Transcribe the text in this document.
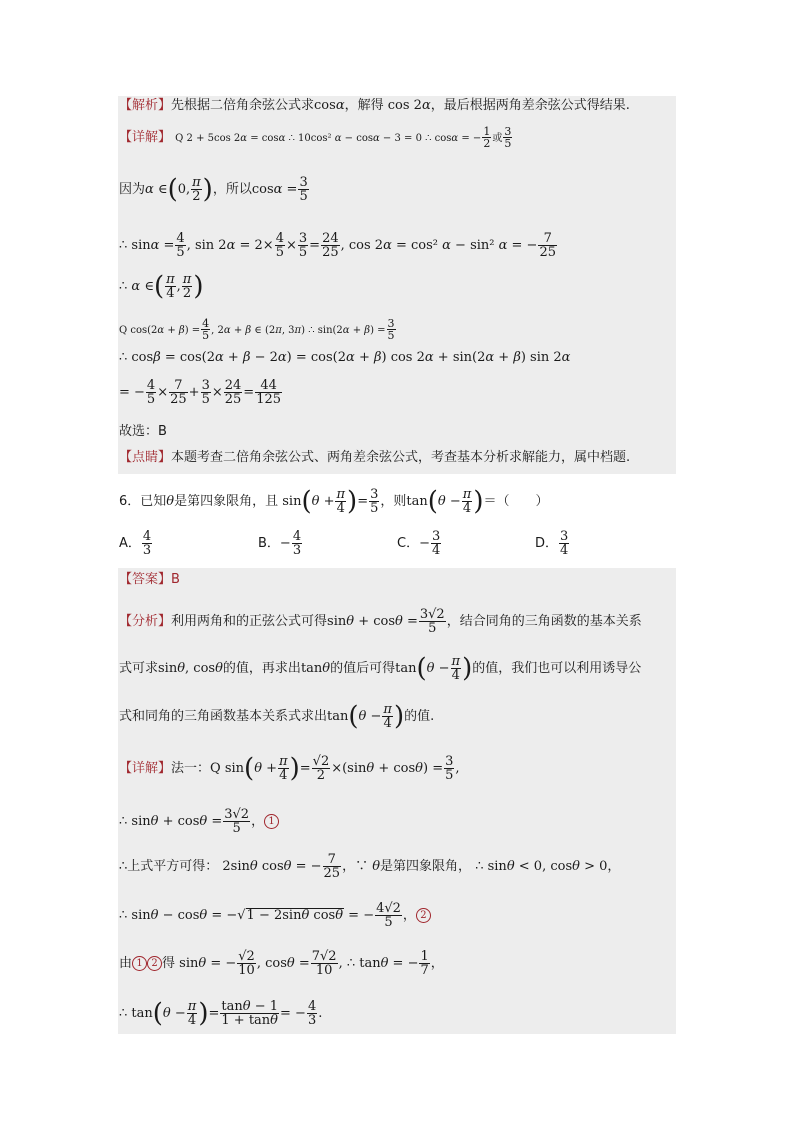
【解析】先根据二倍角余弦公式求cosα，解得 cos 2α，最后根据两角差余弦公式得结果.
【详解】 Q 2 + 5cos 2α = cosα ∴ 10cos² α − cosα − 3 = 0 ∴ cosα = − $\frac{1}{2}$ 或 $\frac{3}{5}$
因为α ∈(0, $\frac{\pi}{2}$ )，所以$\cos\alpha = \frac{3}{5}$
∴ $\sin\alpha = \frac{4}{5}$ , $\sin 2\alpha = 2\times \frac{4}{5} \times \frac{3}{5} = \frac{24}{25}$ , cos 2α = cos² α − sin² α = − $\frac{7}{25}$
∴ α ∈( $\frac{\pi}{4}$ , $\frac{\pi}{2}$ )
Q $\cos(2\alpha + \beta) = \frac{4}{5}$ , 2α + β ∈ (2π, 3π) ∴ $\sin(2\alpha + \beta) = \frac{3}{5}$
∴ cosβ = cos(2α + β − 2α) = cos(2α + β) cos 2α + sin(2α + β) sin 2α
= − $\frac{4}{5} \times \frac{7}{25} + \frac{3}{5} \times \frac{24}{25} = \frac{44}{125}$
故选：B
【点睛】本题考查二倍角余弦公式、两角差余弦公式，考查基本分析求解能力，属中档题.
6．已知θ是第四象限角，且 $\sin(\theta + \frac{\pi}{4}$ )= $\frac{3}{5}$ ，则$\tan(\theta - \frac{\pi}{4}$ )＝（　　）
A． $\frac{4}{3}$	B．− $\frac{4}{3}$	C．− $\frac{3}{4}$	D． $\frac{3}{4}$
【答案】B
【分析】利用两角和的正弦公式可得$\sin\theta + \cos\theta = \frac{3√2}{5}$ ，结合同角的三角函数的基本关系
式可求sinθ, cosθ的值，再求出tanθ的值后可得$\tan(\theta - \frac{\pi}{4}$ )的值，我们也可以利用诱导公
式和同角的三角函数基本关系式求出$\tan(\theta - \frac{\pi}{4}$ )的值.
【详解】法一：Q $\sin(\theta + \frac{\pi}{4}$ )= $\frac{√2}{2} \times(\sin\theta + \cos\theta) = \frac{3}{5}$ ,
∴ $\sin\theta + \cos\theta = \frac{3√2}{5}$ ， 1
∴上式平方可得： 2sinθ cosθ = − $\frac{7}{25}$ ，∵ θ是第四象限角， ∴ sinθ < 0, cosθ > 0，
∴ sinθ − cosθ = −√1 − 2sinθ cosθ = − $\frac{4√2}{5}$ ， 2
由 1 2 得 sinθ = − $\frac{√2}{10}$ , $\cos\theta = \frac{7√2}{10}$ , ∴ tanθ = − $\frac{1}{7}$ ，
∴ $\tan(\theta - \frac{\pi}{4}$ )= $\frac{\tan\theta - 1}{1 + \tan\theta}$ = − $\frac{4}{3}$ .
